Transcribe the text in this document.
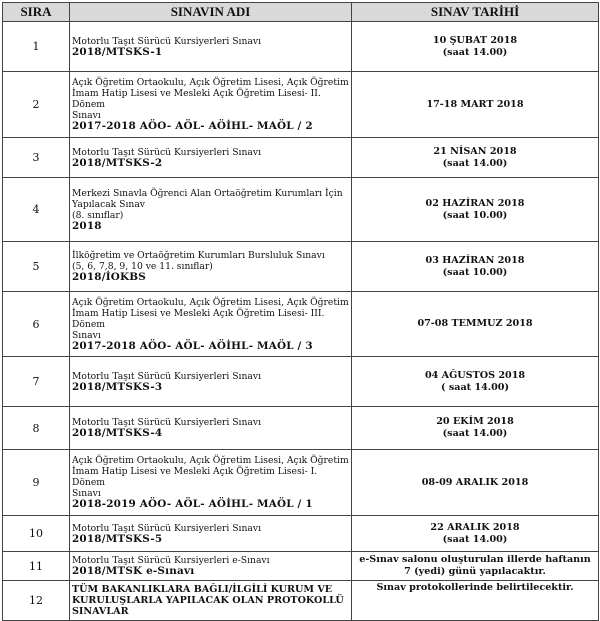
SIRA	SINAVIN ADI	SINAV TARİHİ
1	Motorlu Taşıt Sürücü Kursiyerleri Sınavı
2018/MTSKS-1	10 ŞUBAT 2018
(saat 14.00)

2	Açık Öğretim Ortaokulu, Açık Öğretim Lisesi, Açık Öğretim
İmam Hatip Lisesi ve Mesleki Açık Öğretim Lisesi- II. Dönem
Sınavı
2017-2018 AÖO- AÖL- AÖİHL- MAÖL / 2	17-18 MART 2018
3	Motorlu Taşıt Sürücü Kursiyerleri Sınavı
2018/MTSKS-2	21 NİSAN 2018
(saat 14.00)

4	Merkezi Sınavla Öğrenci Alan Ortaöğretim Kurumları İçin
Yapılacak Sınav
(8. sınıflar)
2018	02 HAZİRAN 2018
(saat 10.00)

5	İlköğretim ve Ortaöğretim Kurumları Bursluluk Sınavı
(5, 6, 7,8, 9, 10 ve 11. sınıflar)
2018/İOKBS	03 HAZİRAN 2018
(saat 10.00)

6	Açık Öğretim Ortaokulu, Açık Öğretim Lisesi, Açık Öğretim
İmam Hatip Lisesi ve Mesleki Açık Öğretim Lisesi- III. Dönem
Sınavı
2017-2018 AÖO- AÖL- AÖİHL- MAÖL / 3	07-08 TEMMUZ 2018
7	Motorlu Taşıt Sürücü Kursiyerleri Sınavı
2018/MTSKS-3	04 AĞUSTOS 2018
( saat 14.00)

8	Motorlu Taşıt Sürücü Kursiyerleri Sınavı
2018/MTSKS-4	20 EKİM 2018
(saat 14.00)

9	Açık Öğretim Ortaokulu, Açık Öğretim Lisesi, Açık Öğretim
İmam Hatip Lisesi ve Mesleki Açık Öğretim Lisesi- I. Dönem
Sınavı
2018-2019 AÖO- AÖL- AÖİHL- MAÖL / 1	08-09 ARALIK 2018
10	Motorlu Taşıt Sürücü Kursiyerleri Sınavı
2018/MTSKS-5	22 ARALIK 2018
(saat 14.00)

11	Motorlu Taşıt Sürücü Kursiyerleri e-Sınavı
2018/MTSK e-Sınavı	e-Sınav salonu oluşturulan illerde haftanın
7 (yedi) günü yapılacaktır.

12	TÜM BAKANLIKLARA BAĞLI/İLGİLİ KURUM VE
KURULUŞLARLA YAPILACAK OLAN PROTOKOLLÜ
SINAVLAR	Sınav protokollerinde belirtilecektir.
